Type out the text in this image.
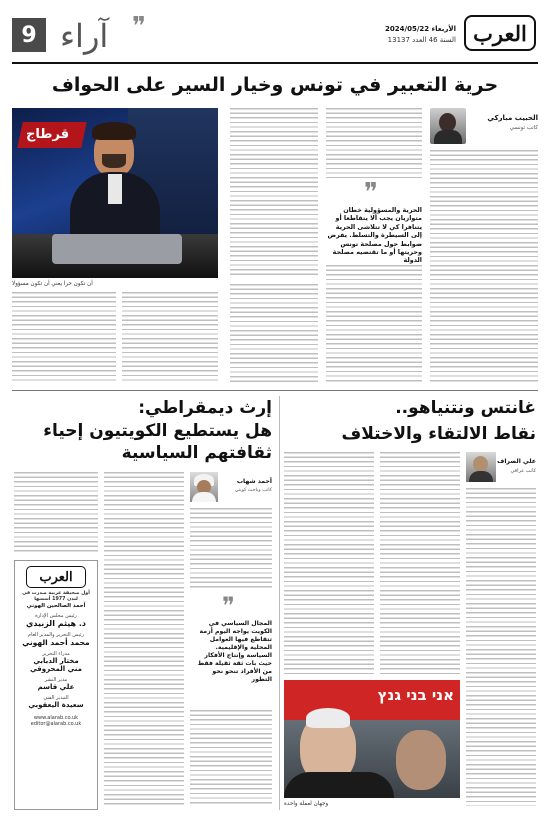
العرب
الأربعاء 2024/05/22
السنة 46 العدد 13137
❞
آراء
9
حرية التعبير في تونس وخيار السير على الحواف
الحبيب مباركي
كاتب تونسي
❞
الحرية والمسؤولية خطان متوازيان يجب ألا يتقاطعا أو يتنافرا كي لا تتلاشى الحرية إلى السيطرة والتسلط. يفرض ضوابط حول مصلحة تونس وحريتها أو ما تقتضيه مصلحة الدولة
قرطاج
أن تكون حرا يعني أن تكون مسؤولا
غانتس ونتنياهو..
نقاط الالتقاء والاختلاف
علي الصراف
كاتب عراقي
אני בני גנץ
وجهان لعملة واحدة
إرث ديمقراطي:
هل يستطيع الكويتيون إحياء ثقافتهم السياسية
أحمد شهاب
كاتب وباحث كويتي
❞
المجال السياسي في الكويت يواجه اليوم أزمة تتقاطع فيها العوامل المحلية والإقليمية. السياسة وإنتاج الأفكار حيث بات ثقة ثقيلة فقط من الأفراد تنحو نحو التطور
العرب
أول صحيفة عربية صدرت في لندن 1977 أسسها
أحمد الصالحين الهوني
رئيس مجلس الإدارة
د. هيثم الزبيدي
رئيس التحرير والمدير العام
محمد أحمد الهوني
مدراء التحرير
مختار الدبابي
مني المحروقي
مدير النشر
علي قاسم
المدير الفني
سعيدة اليعقوبي
www.alarab.co.uk
editor@alarab.co.uk
